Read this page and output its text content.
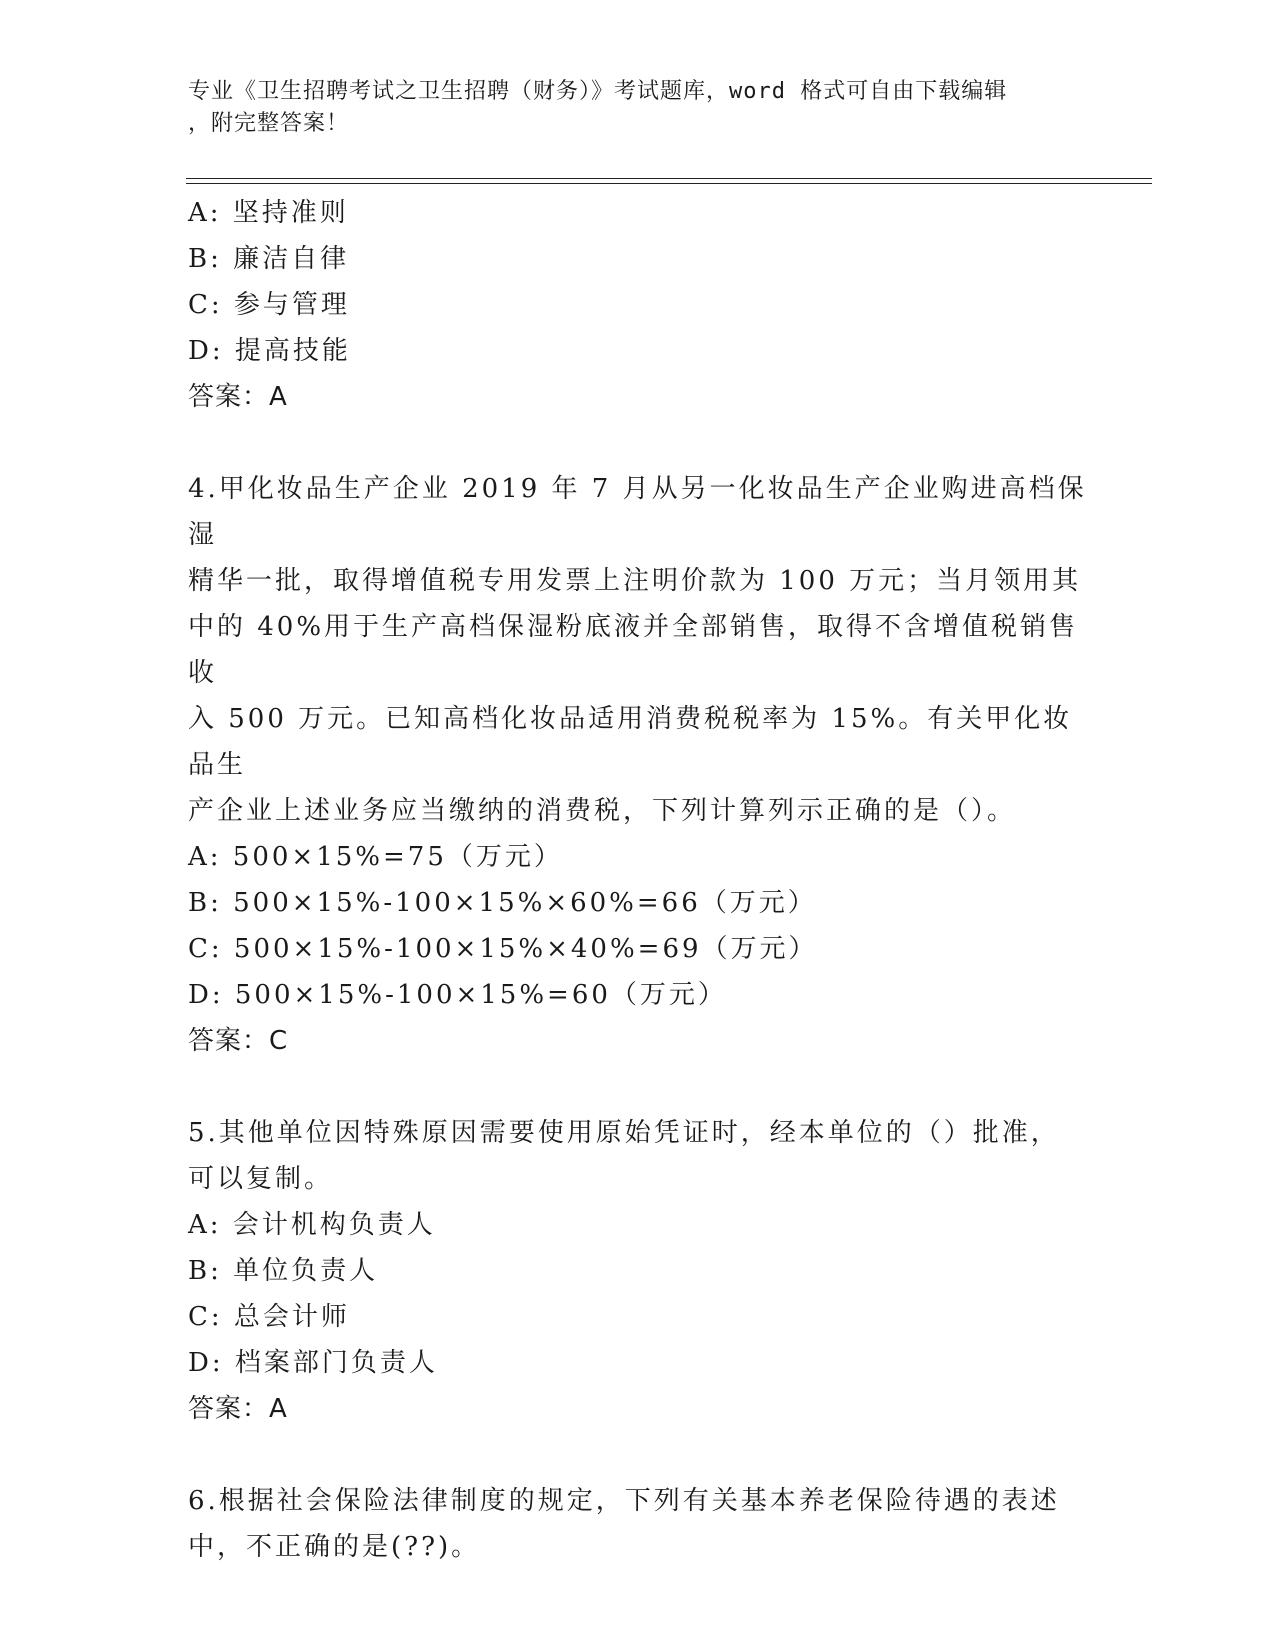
专业《卫生招聘考试之卫生招聘（财务）》考试题库，word 格式可自由下载编辑
，附完整答案！

A: 坚持准则

B: 廉洁自律

C: 参与管理

D: 提高技能

答案：A

4.甲化妆品生产企业 2019 年 7 月从另一化妆品生产企业购进高档保湿

精华一批，取得增值税专用发票上注明价款为 100 万元；当月领用其

中的 40%用于生产高档保湿粉底液并全部销售，取得不含增值税销售收

入 500 万元。已知高档化妆品适用消费税税率为 15%。有关甲化妆品生

产企业上述业务应当缴纳的消费税，下列计算列示正确的是（）。

A: 500×15%=75（万元）

B: 500×15%-100×15%×60%=66（万元）

C: 500×15%-100×15%×40%=69（万元）

D: 500×15%-100×15%=60（万元）

答案：C

5.其他单位因特殊原因需要使用原始凭证时，经本单位的（）批准，

可以复制。

A: 会计机构负责人

B: 单位负责人

C: 总会计师

D: 档案部门负责人

答案：A

6.根据社会保险法律制度的规定，下列有关基本养老保险待遇的表述

中，不正确的是(??)。
